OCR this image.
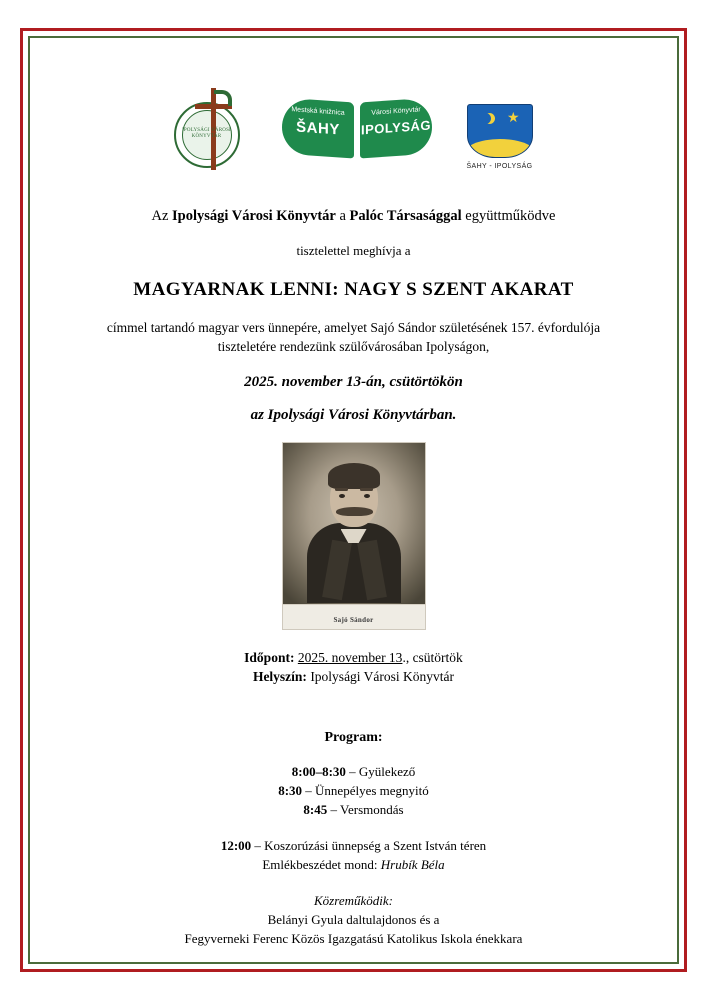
IPOLYSÁGI VÁROSI KÖNYVTÁR
Mestská knižnica
ŠAHY
Városi Könyvtár
IPOLYSÁG	★
ŠAHY - IPOLYSÁG
Az Ipolysági Városi Könyvtár a Palóc Társasággal együttműködve
tisztelettel meghívja a
MAGYARNAK LENNI: NAGY S SZENT AKARAT
címmel tartandó magyar vers ünnepére, amelyet Sajó Sándor születésének 157. évfordulója tiszteletére rendezünk szülővárosában Ipolyságon,
2025. november 13-án, csütörtökön
az Ipolysági Városi Könyvtárban.
Sajó Sándor
Időpont: 2025. november 13., csütörtök
Helyszín: Ipolysági Városi Könyvtár
Program:
8:00–8:30 – Gyülekező
8:30 – Ünnepélyes megnyitó
8:45 – Versmondás
12:00 – Koszorúzási ünnepség a Szent István téren
Emlékbeszédet mond: Hrubík Béla
Közreműködik:
Belányi Gyula daltulajdonos és a
Fegyverneki Ferenc Közös Igazgatású Katolikus Iskola énekkara
